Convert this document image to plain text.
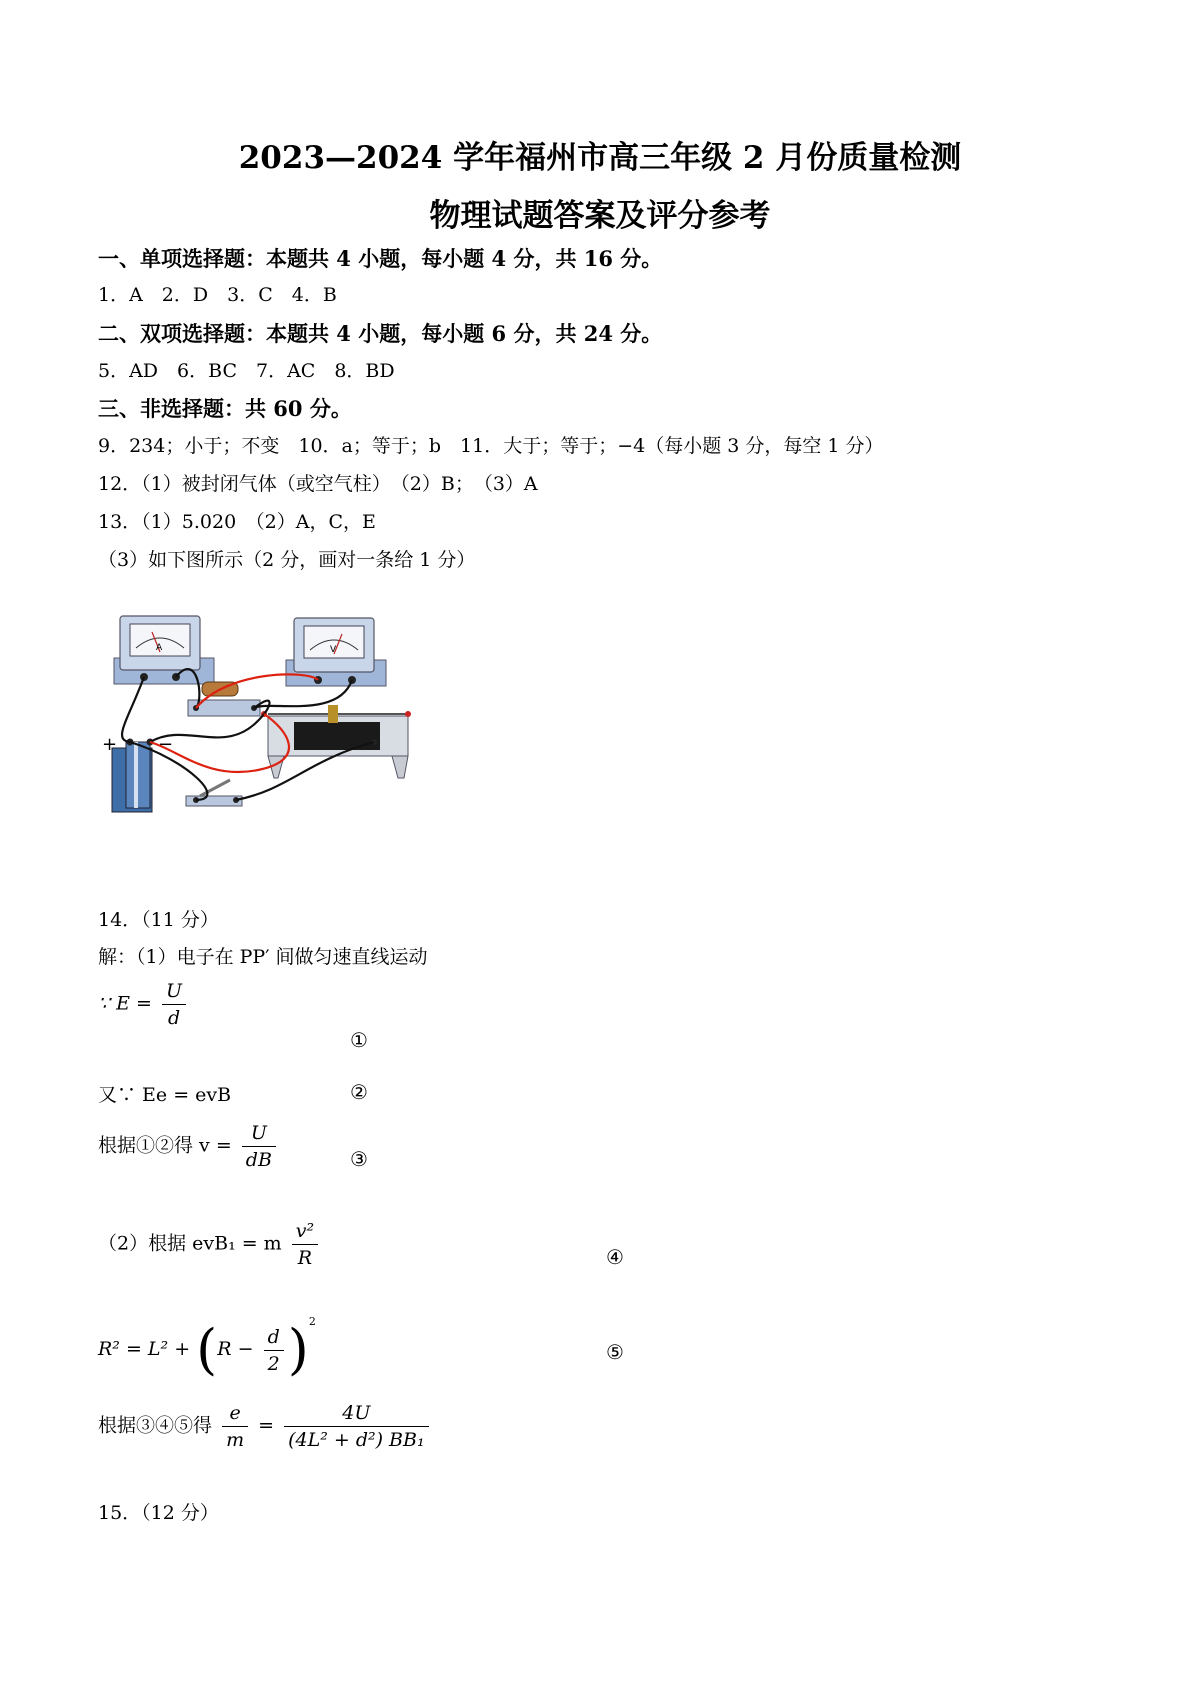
2023—2024 学年福州市高三年级 2 月份质量检测
物理试题答案及评分参考
一、单项选择题：本题共 4 小题，每小题 4 分，共 16 分。
1．A　2．D　3．C　4．B
二、双项选择题：本题共 4 小题，每小题 6 分，共 24 分。
5．AD　6．BC　7．AC　8．BD
三、非选择题：共 60 分。
9．234；小于；不变　10．a；等于；b　11．大于；等于；−4（每小题 3 分，每空 1 分）
12．（1）被封闭气体（或空气柱）　（2）B；　（3）A
13．（1）5.020　（2）A，C，E
（3）如下图所示（2 分，画对一条给 1 分）
A	V
+ −
14．（11 分）
解：（1）电子在 PP′ 间做匀速直线运动
∵ $E = \frac{U}{d}$
①
又∵ Ee = evB	②
根据①②得 $v = \frac{U}{dB}$	③
（2）根据 evB₁ = m $\frac{\text{v²}}{R}$	④
$R^2 = L^2 + (R - \frac{d}{2} )^2$
⑤
根据③④⑤得 $\frac{e}{m} = \frac{4U}{\text{(4L² + d²) BB₁}}$
15．（12 分）
